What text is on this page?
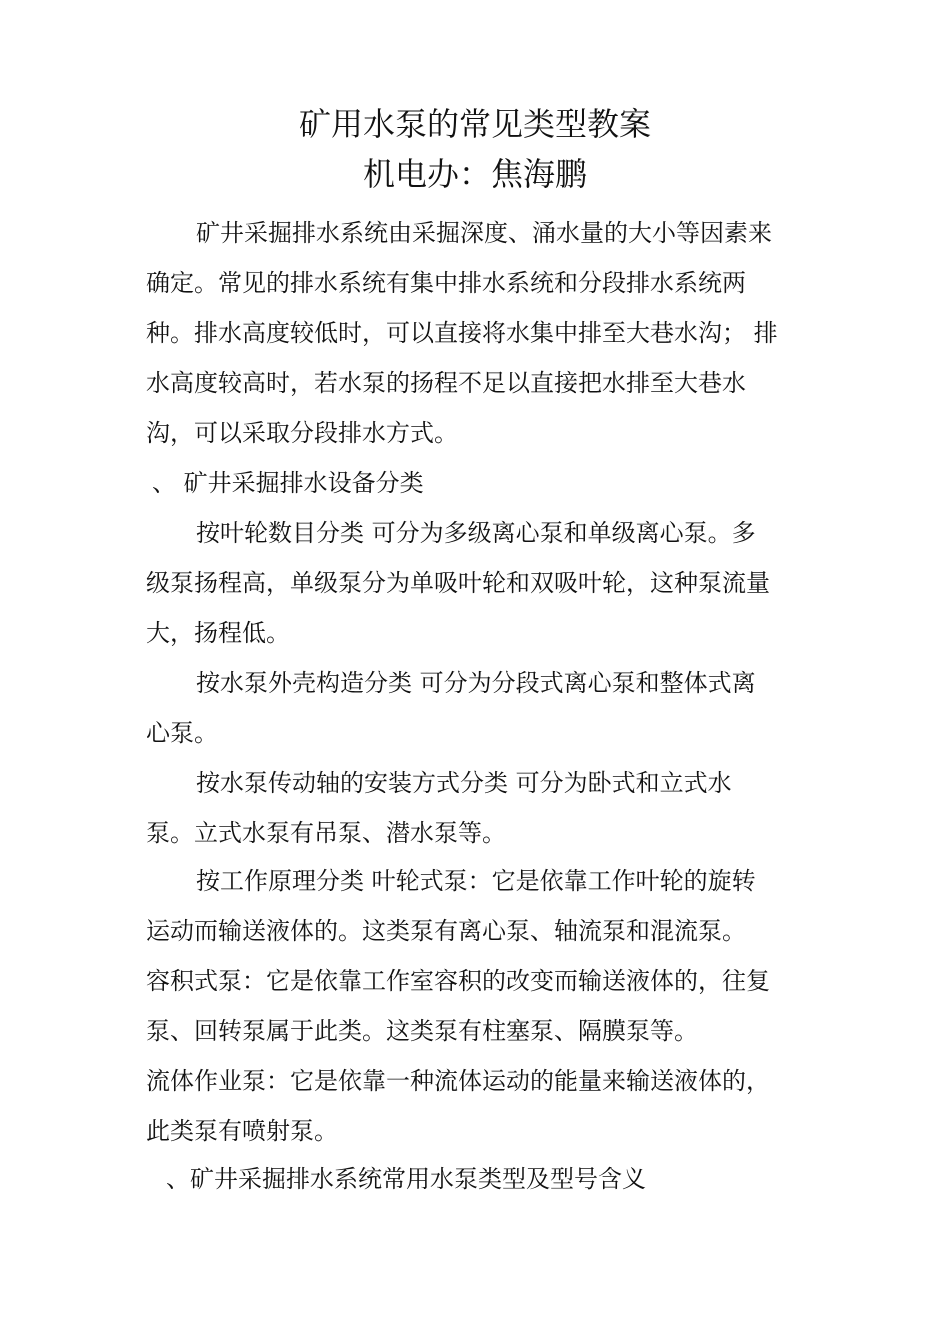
矿用水泵的常见类型教案
机电办：焦海鹏
矿井采掘排水系统由采掘深度、涌水量的大小等因素来
确定。常见的排水系统有集中排水系统和分段排水系统两
种。排水高度较低时，可以直接将水集中排至大巷水沟； 排
水高度较高时，若水泵的扬程不足以直接把水排至大巷水
沟，可以采取分段排水方式。
、 矿井采掘排水设备分类
按叶轮数目分类 可分为多级离心泵和单级离心泵。多
级泵扬程高，单级泵分为单吸叶轮和双吸叶轮，这种泵流量
大，扬程低。
按水泵外壳构造分类 可分为分段式离心泵和整体式离
心泵。
按水泵传动轴的安装方式分类 可分为卧式和立式水
泵。立式水泵有吊泵、潜水泵等。
按工作原理分类 叶轮式泵：它是依靠工作叶轮的旋转
运动而输送液体的。这类泵有离心泵、轴流泵和混流泵。
容积式泵：它是依靠工作室容积的改变而输送液体的，往复
泵、回转泵属于此类。这类泵有柱塞泵、隔膜泵等。
流体作业泵：它是依靠一种流体运动的能量来输送液体的，
此类泵有喷射泵。
、矿井采掘排水系统常用水泵类型及型号含义
